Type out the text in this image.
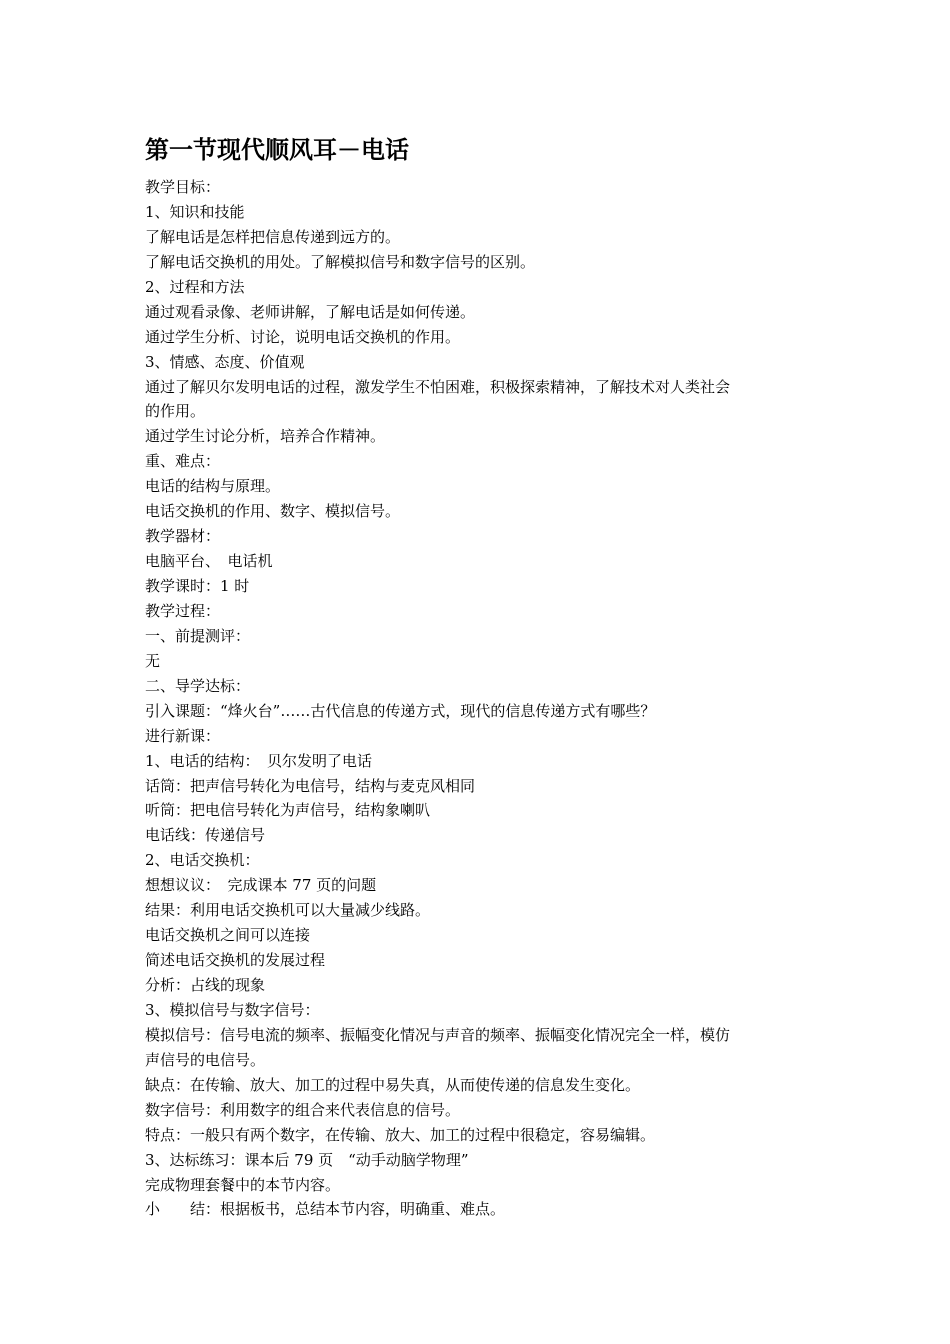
第一节现代顺风耳－电话
教学目标：
1、知识和技能
了解电话是怎样把信息传递到远方的。
了解电话交换机的用处。了解模拟信号和数字信号的区别。
2、过程和方法
通过观看录像、老师讲解，了解电话是如何传递。
通过学生分析、讨论，说明电话交换机的作用。
3、情感、态度、价值观
通过了解贝尔发明电话的过程，激发学生不怕困难，积极探索精神，了解技术对人类社会
的作用。
通过学生讨论分析，培养合作精神。
重、难点：
电话的结构与原理。
电话交换机的作用、数字、模拟信号。
教学器材：
电脑平台、　电话机
教学课时：1 时
教学过程：
一、前提测评：
无
二、导学达标：
引入课题：“烽火台”……古代信息的传递方式，现代的信息传递方式有哪些？
进行新课：
1、电话的结构：　贝尔发明了电话
话筒：把声信号转化为电信号，结构与麦克风相同
听筒：把电信号转化为声信号，结构象喇叭
电话线：传递信号
2、电话交换机：
想想议议：　完成课本 77 页的问题
结果：利用电话交换机可以大量减少线路。
电话交换机之间可以连接
简述电话交换机的发展过程
分析：占线的现象
3、模拟信号与数字信号：
模拟信号：信号电流的频率、振幅变化情况与声音的频率、振幅变化情况完全一样，模仿
声信号的电信号。
缺点：在传输、放大、加工的过程中易失真，从而使传递的信息发生变化。
数字信号：利用数字的组合来代表信息的信号。
特点：一般只有两个数字，在传输、放大、加工的过程中很稳定，容易编辑。
3、达标练习：课本后 79 页　“动手动脑学物理”
完成物理套餐中的本节内容。
小　　结：根据板书，总结本节内容，明确重、难点。
